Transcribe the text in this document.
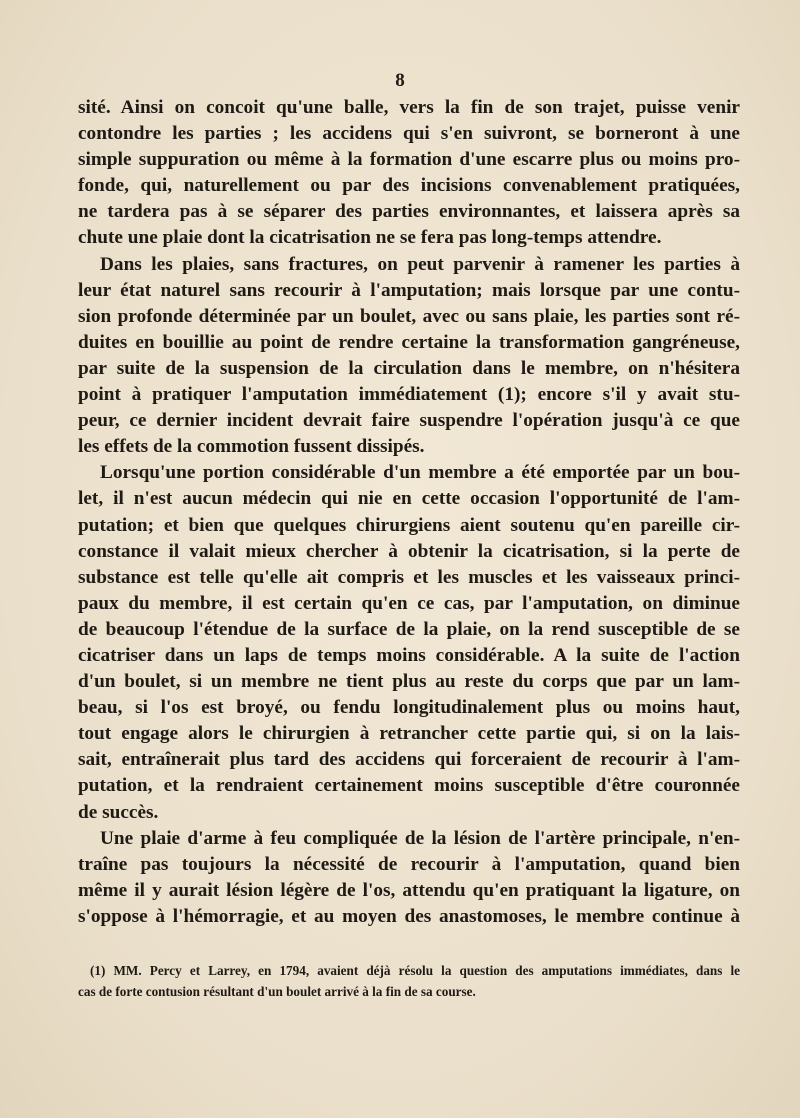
8
sité. Ainsi on concoit qu'une balle, vers la fin de son trajet, puisse venir
contondre les parties ; les accidens qui s'en suivront, se borneront à une
simple suppuration ou même à la formation d'une escarre plus ou moins pro-
fonde, qui, naturellement ou par des incisions convenablement pratiquées,
ne tardera pas à se séparer des parties environnantes, et laissera après sa
chute une plaie dont la cicatrisation ne se fera pas long-temps attendre.
Dans les plaies, sans fractures, on peut parvenir à ramener les parties à
leur état naturel sans recourir à l'amputation; mais lorsque par une contu-
sion profonde déterminée par un boulet, avec ou sans plaie, les parties sont ré-
duites en bouillie au point de rendre certaine la transformation gangréneuse,
par suite de la suspension de la circulation dans le membre, on n'hésitera
point à pratiquer l'amputation immédiatement (1); encore s'il y avait stu-
peur, ce dernier incident devrait faire suspendre l'opération jusqu'à ce que
les effets de la commotion fussent dissipés.
Lorsqu'une portion considérable d'un membre a été emportée par un bou-
let, il n'est aucun médecin qui nie en cette occasion l'opportunité de l'am-
putation; et bien que quelques chirurgiens aient soutenu qu'en pareille cir-
constance il valait mieux chercher à obtenir la cicatrisation, si la perte de
substance est telle qu'elle ait compris et les muscles et les vaisseaux princi-
paux du membre, il est certain qu'en ce cas, par l'amputation, on diminue
de beaucoup l'étendue de la surface de la plaie, on la rend susceptible de se
cicatriser dans un laps de temps moins considérable. A la suite de l'action
d'un boulet, si un membre ne tient plus au reste du corps que par un lam-
beau, si l'os est broyé, ou fendu longitudinalement plus ou moins haut,
tout engage alors le chirurgien à retrancher cette partie qui, si on la lais-
sait, entraînerait plus tard des accidens qui forceraient de recourir à l'am-
putation, et la rendraient certainement moins susceptible d'être couronnée
de succès.
Une plaie d'arme à feu compliquée de la lésion de l'artère principale, n'en-
traîne pas toujours la nécessité de recourir à l'amputation, quand bien
même il y aurait lésion légère de l'os, attendu qu'en pratiquant la ligature, on
s'oppose à l'hémorragie, et au moyen des anastomoses, le membre continue à
(1) MM. Percy et Larrey, en 1794, avaient déjà résolu la question des amputations immédiates, dans le
cas de forte contusion résultant d'un boulet arrivé à la fin de sa course.
